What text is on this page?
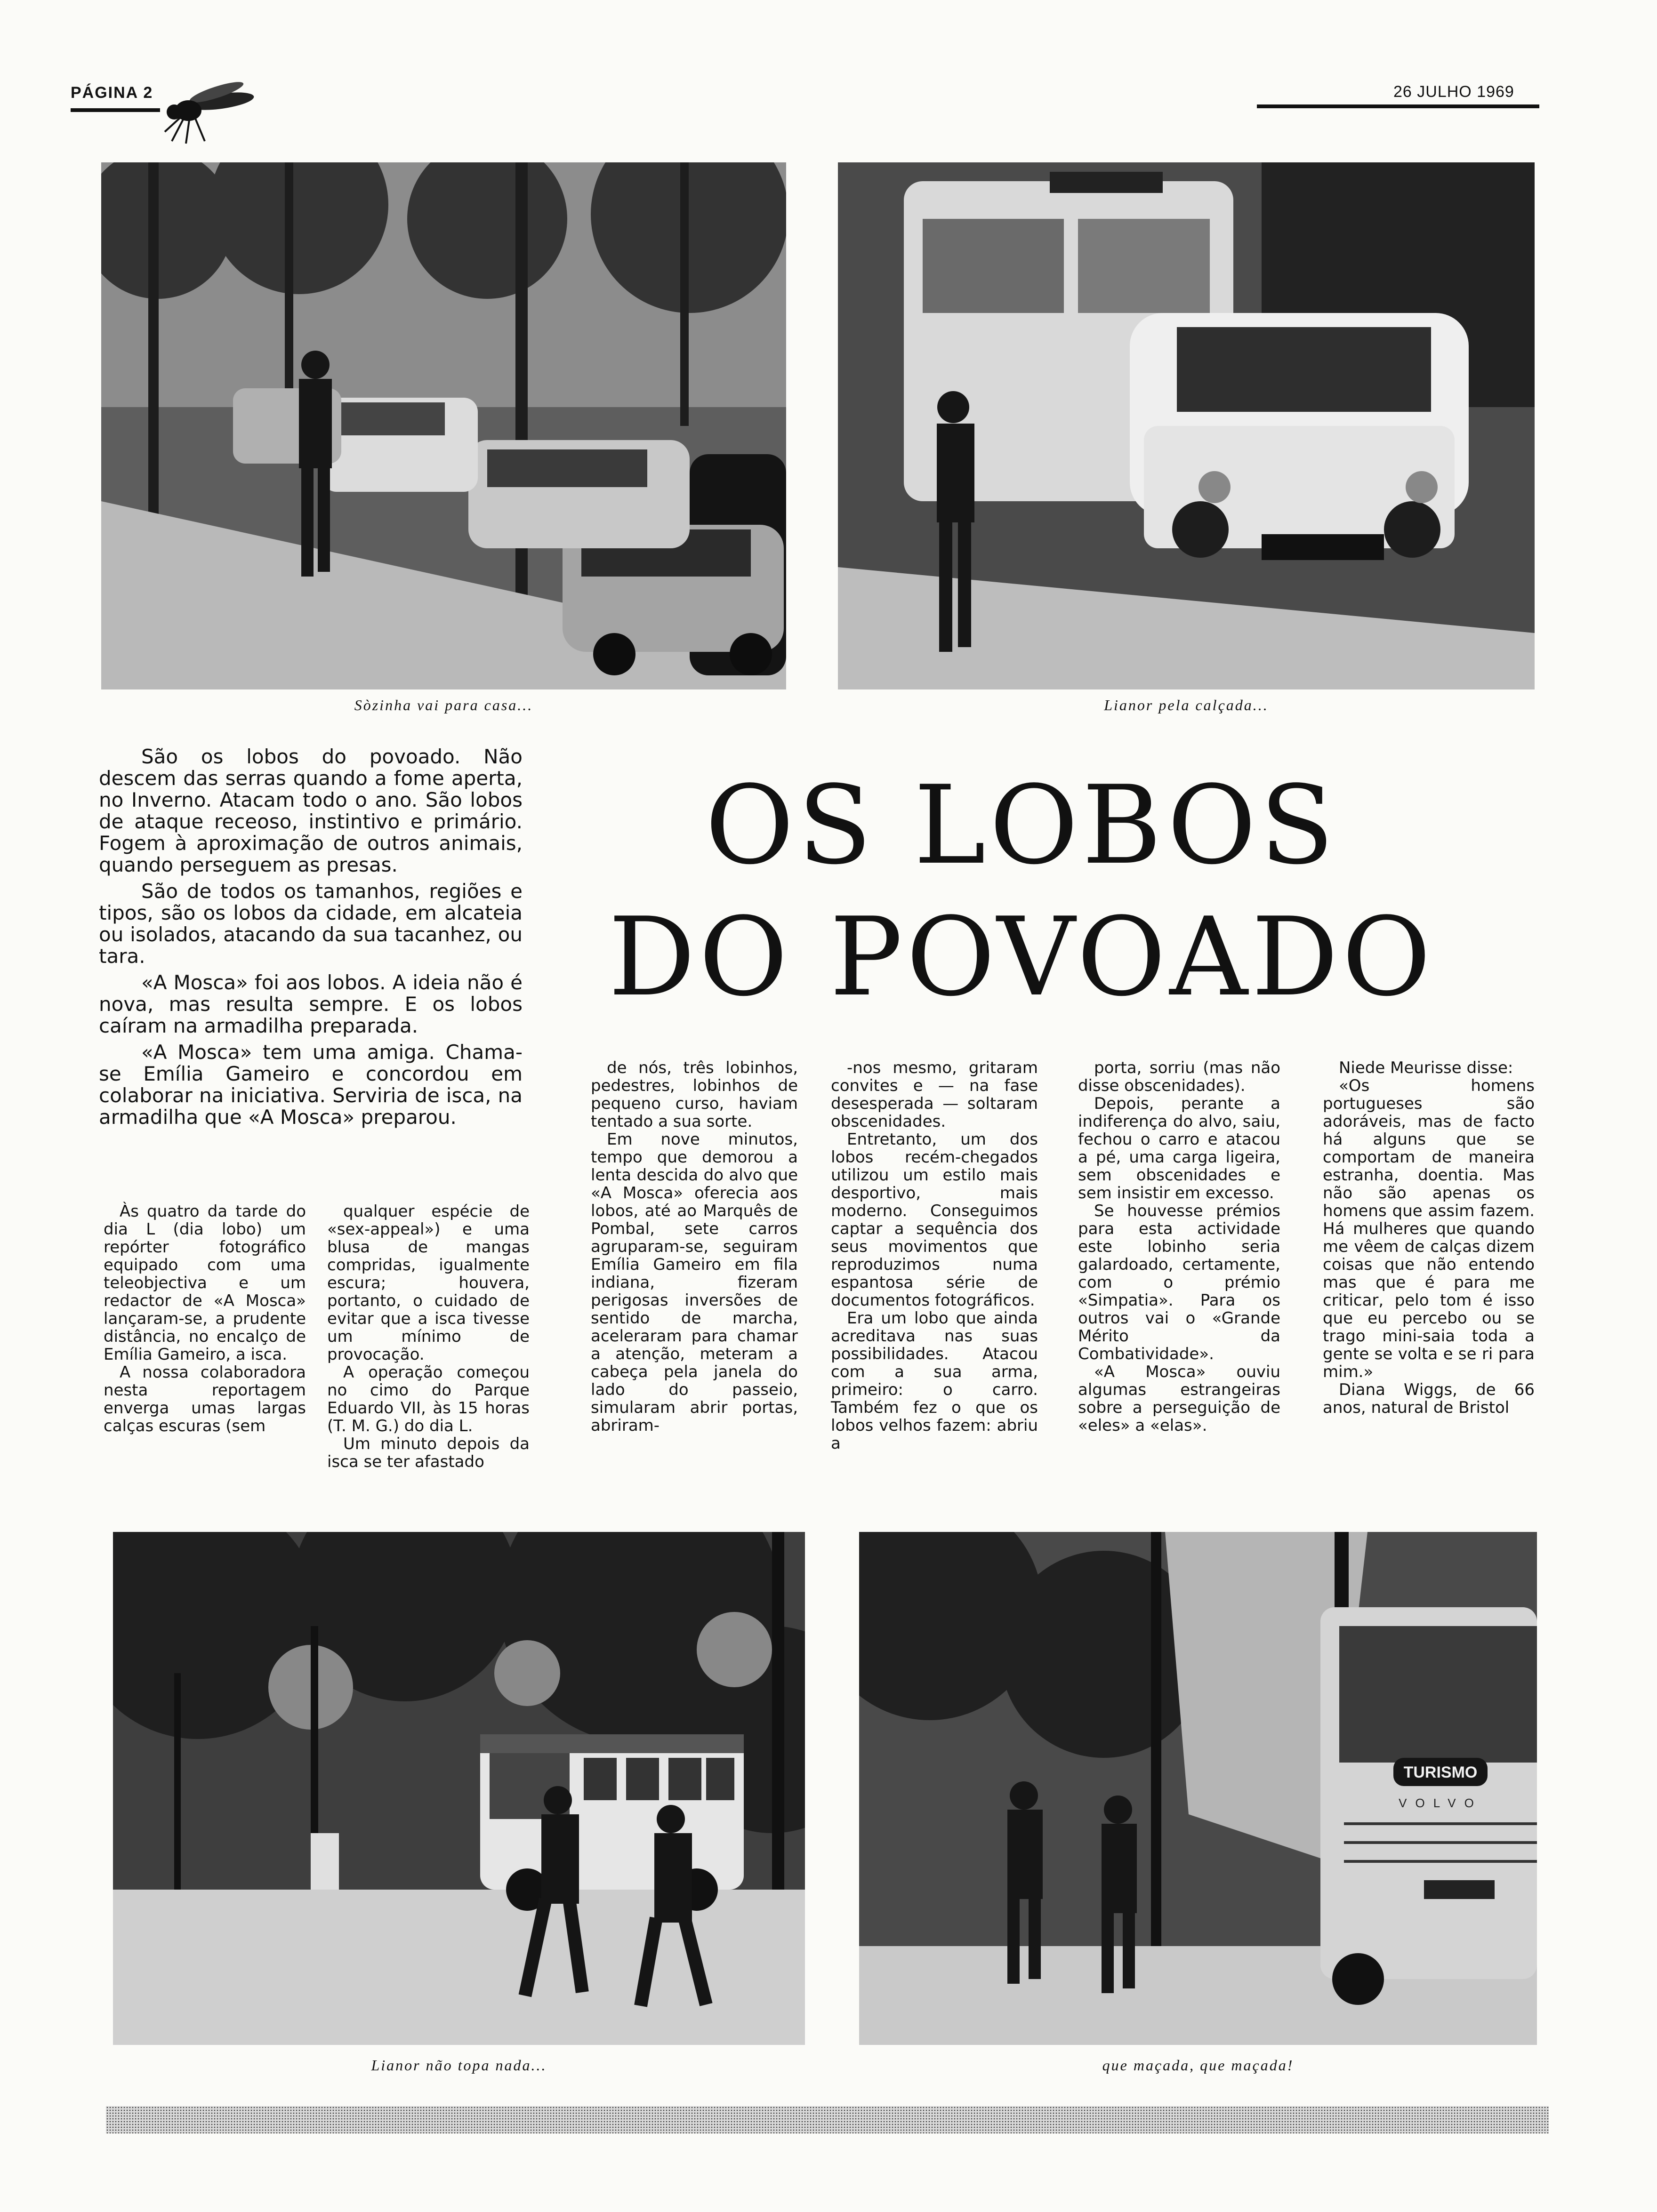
PÁGINA 2	26 JULHO 1969
Sòzinha vai para casa...	Lianor pela calçada...
OS LOBOS
DO POVOADO

São os lobos do povoado. Não descem das serras quando a fome aperta, no Inverno. Atacam todo o ano. São lobos de ataque receoso, instintivo e primário. Fogem à aproximação de outros animais, quando perseguem as presas.

São de todos os tamanhos, regiões e tipos, são os lobos da cidade, em alcateia ou isolados, atacando da sua tacanhez, ou tara.

«A Mosca» foi aos lobos. A ideia não é nova, mas resulta sempre. E os lobos caíram na armadilha preparada.

«A Mosca» tem uma amiga. Chama-se Emília Gameiro e concordou em colaborar na iniciativa. Serviria de isca, na armadilha que «A Mosca» preparou.

Às quatro da tarde do dia L (dia lobo) um repórter fotográfico equipado com uma teleobjectiva e um redactor de «A Mosca» lançaram-se, a prudente distância, no encalço de Emília Gameiro, a isca.

A nossa colaboradora nesta reportagem enverga umas largas calças escuras (sem

qualquer espécie de «sex-appeal») e uma blusa de mangas compridas, igualmente escura; houvera, portanto, o cuidado de evitar que a isca tivesse um mínimo de provocação.

A operação começou no cimo do Parque Eduardo VII, às 15 horas (T. M. G.) do dia L.

Um minuto depois da isca se ter afastado

de nós, três lobinhos, pedestres, lobinhos de pequeno curso, haviam tentado a sua sorte.

Em nove minutos, tempo que demorou a lenta descida do alvo que «A Mosca» oferecia aos lobos, até ao Marquês de Pombal, sete carros agruparam-se, seguiram Emília Gameiro em fila indiana, fizeram perigosas inversões de sentido de marcha, aceleraram para chamar a atenção, meteram a cabeça pela janela do lado do passeio, simularam abrir portas, abriram-

-nos mesmo, gritaram convites e — na fase desesperada — soltaram obscenidades.

Entretanto, um dos lobos recém-chegados utilizou um estilo mais desportivo, mais moderno. Conseguimos captar a sequência dos seus movimentos que reproduzimos numa espantosa série de documentos fotográficos.

Era um lobo que ainda acreditava nas suas possibilidades. Atacou com a sua arma, primeiro: o carro. Também fez o que os lobos velhos fazem: abriu a

porta, sorriu (mas não disse obscenidades).

Depois, perante a indiferença do alvo, saiu, fechou o carro e atacou a pé, uma carga ligeira, sem obscenidades e sem insistir em excesso.

Se houvesse prémios para esta actividade este lobinho seria galardoado, certamente, com o prémio «Simpatia». Para os outros vai o «Grande Mérito da Combatividade».

«A Mosca» ouviu algumas estrangeiras sobre a perseguição de «eles» a «elas».

Niede Meurisse disse:

«Os homens portugueses são adoráveis, mas de facto há alguns que se comportam de maneira estranha, doentia. Mas não são apenas os homens que assim fazem. Há mulheres que quando me vêem de calças dizem coisas que não entendo mas que é para me criticar, pelo tom é isso que eu percebo ou se trago mini-saia toda a gente se volta e se ri para mim.»

Diana Wiggs, de 66 anos, natural de Bristol

Lianor não topa nada...
TURISMO
VOLVO
que maçada, que maçada!
